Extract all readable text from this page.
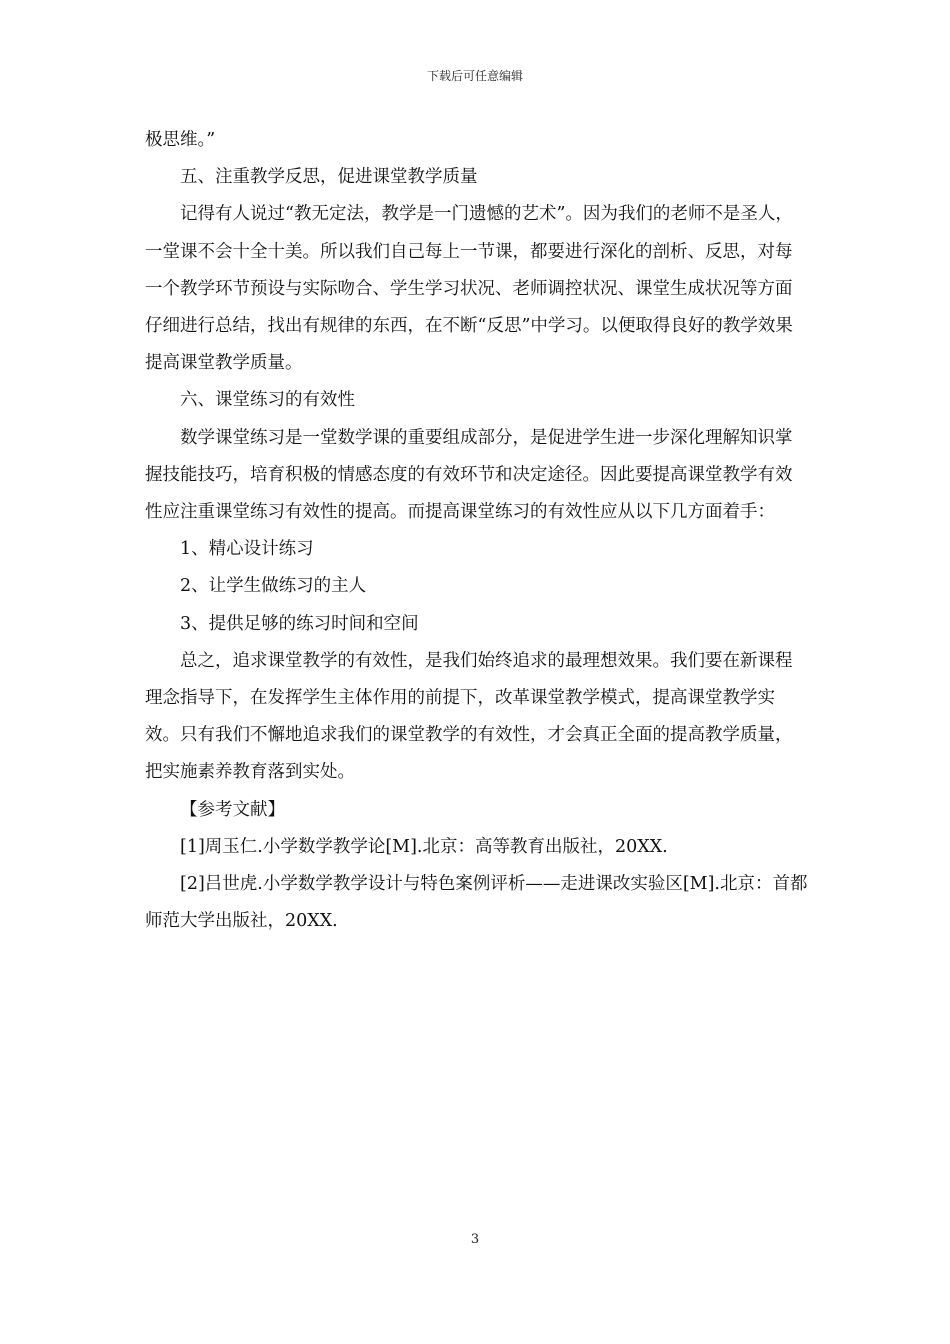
下载后可任意编辑

极思维。”

五、注重教学反思，促进课堂教学质量

记得有人说过“教无定法，教学是一门遗憾的艺术”。因为我们的老师不是圣人，一堂课不会十全十美。所以我们自己每上一节课，都要进行深化的剖析、反思，对每一个教学环节预设与实际吻合、学生学习状况、老师调控状况、课堂生成状况等方面仔细进行总结，找出有规律的东西，在不断“反思”中学习。以便取得良好的教学效果提高课堂教学质量。

六、课堂练习的有效性

数学课堂练习是一堂数学课的重要组成部分，是促进学生进一步深化理解知识掌握技能技巧，培育积极的情感态度的有效环节和决定途径。因此要提高课堂教学有效性应注重课堂练习有效性的提高。而提高课堂练习的有效性应从以下几方面着手：

1、精心设计练习

2、让学生做练习的主人

3、提供足够的练习时间和空间

总之，追求课堂教学的有效性，是我们始终追求的最理想效果。我们要在新课程理念指导下，在发挥学生主体作用的前提下，改革课堂教学模式，提高课堂教学实效。只有我们不懈地追求我们的课堂教学的有效性，才会真正全面的提高教学质量，把实施素养教育落到实处。

【参考文献】

[1]周玉仁.小学数学教学论[M].北京：高等教育出版社，20XX.

[2]吕世虎.小学数学教学设计与特色案例评析——走进课改实验区[M].北京：首都师范大学出版社，20XX.

3
